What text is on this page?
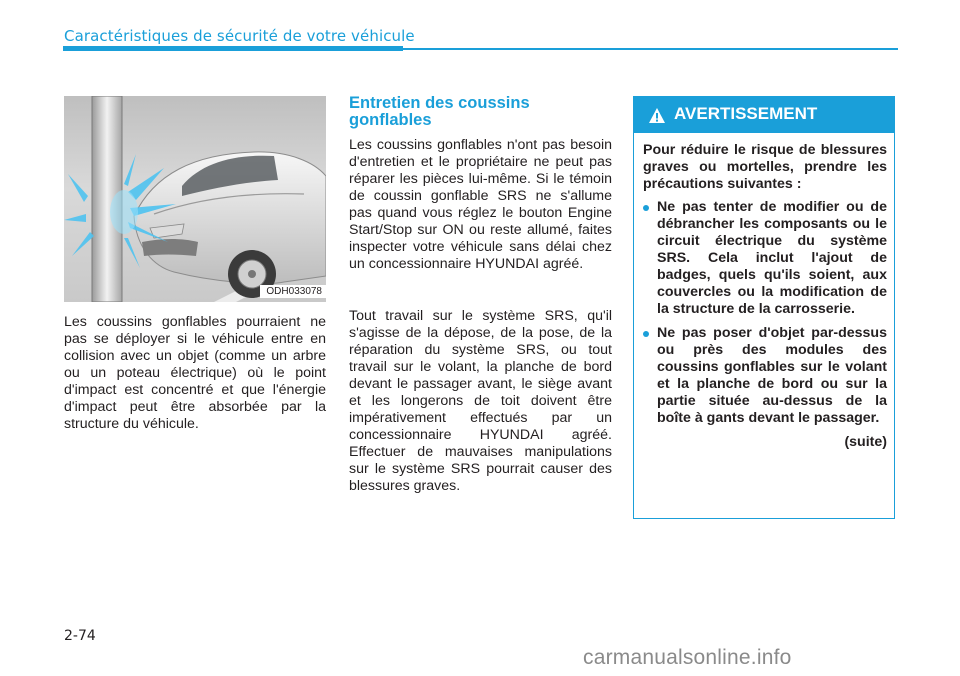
Caractéristiques de sécurité de votre véhicule
ODH033078
Les coussins gonflables pourraient ne pas se déployer si le véhicule entre en collision avec un objet (comme un arbre ou un poteau électrique) où le point d'impact est concentré et que l'énergie d'impact peut être absorbée par la structure du véhicule.
Entretien des coussins gonflables

Les coussins gonflables n'ont pas besoin d'entretien et le propriétaire ne peut pas réparer les pièces lui-même. Si le témoin de coussin gonflable SRS ne s'allume pas quand vous réglez le bouton Engine Start/Stop sur ON ou reste allumé, faites inspecter votre véhicule sans délai chez un concessionnaire HYUNDAI agréé.

Tout travail sur le système SRS, qu'il s'agisse de la dépose, de la pose, de la réparation du système SRS, ou tout travail sur le volant, la planche de bord devant le passager avant, le siège avant et les longerons de toit doivent être impérativement effectués par un concessionnaire HYUNDAI agréé. Effectuer de mauvaises manipulations sur le système SRS pourrait causer des blessures graves.

AVERTISSEMENT

Pour réduire le risque de blessures graves ou mortelles, prendre les précautions suivantes :

Ne pas tenter de modifier ou de débrancher les composants ou le circuit électrique du système SRS. Cela inclut l'ajout de badges, quels qu'ils soient, aux couvercles ou la modification de la structure de la carrosserie.
Ne pas poser d'objet par-dessus ou près des modules des coussins gonflables sur le volant et la planche de bord ou sur la partie située au-dessus de la boîte à gants devant le passager.

(suite)

2-74
carmanualsonline.info
